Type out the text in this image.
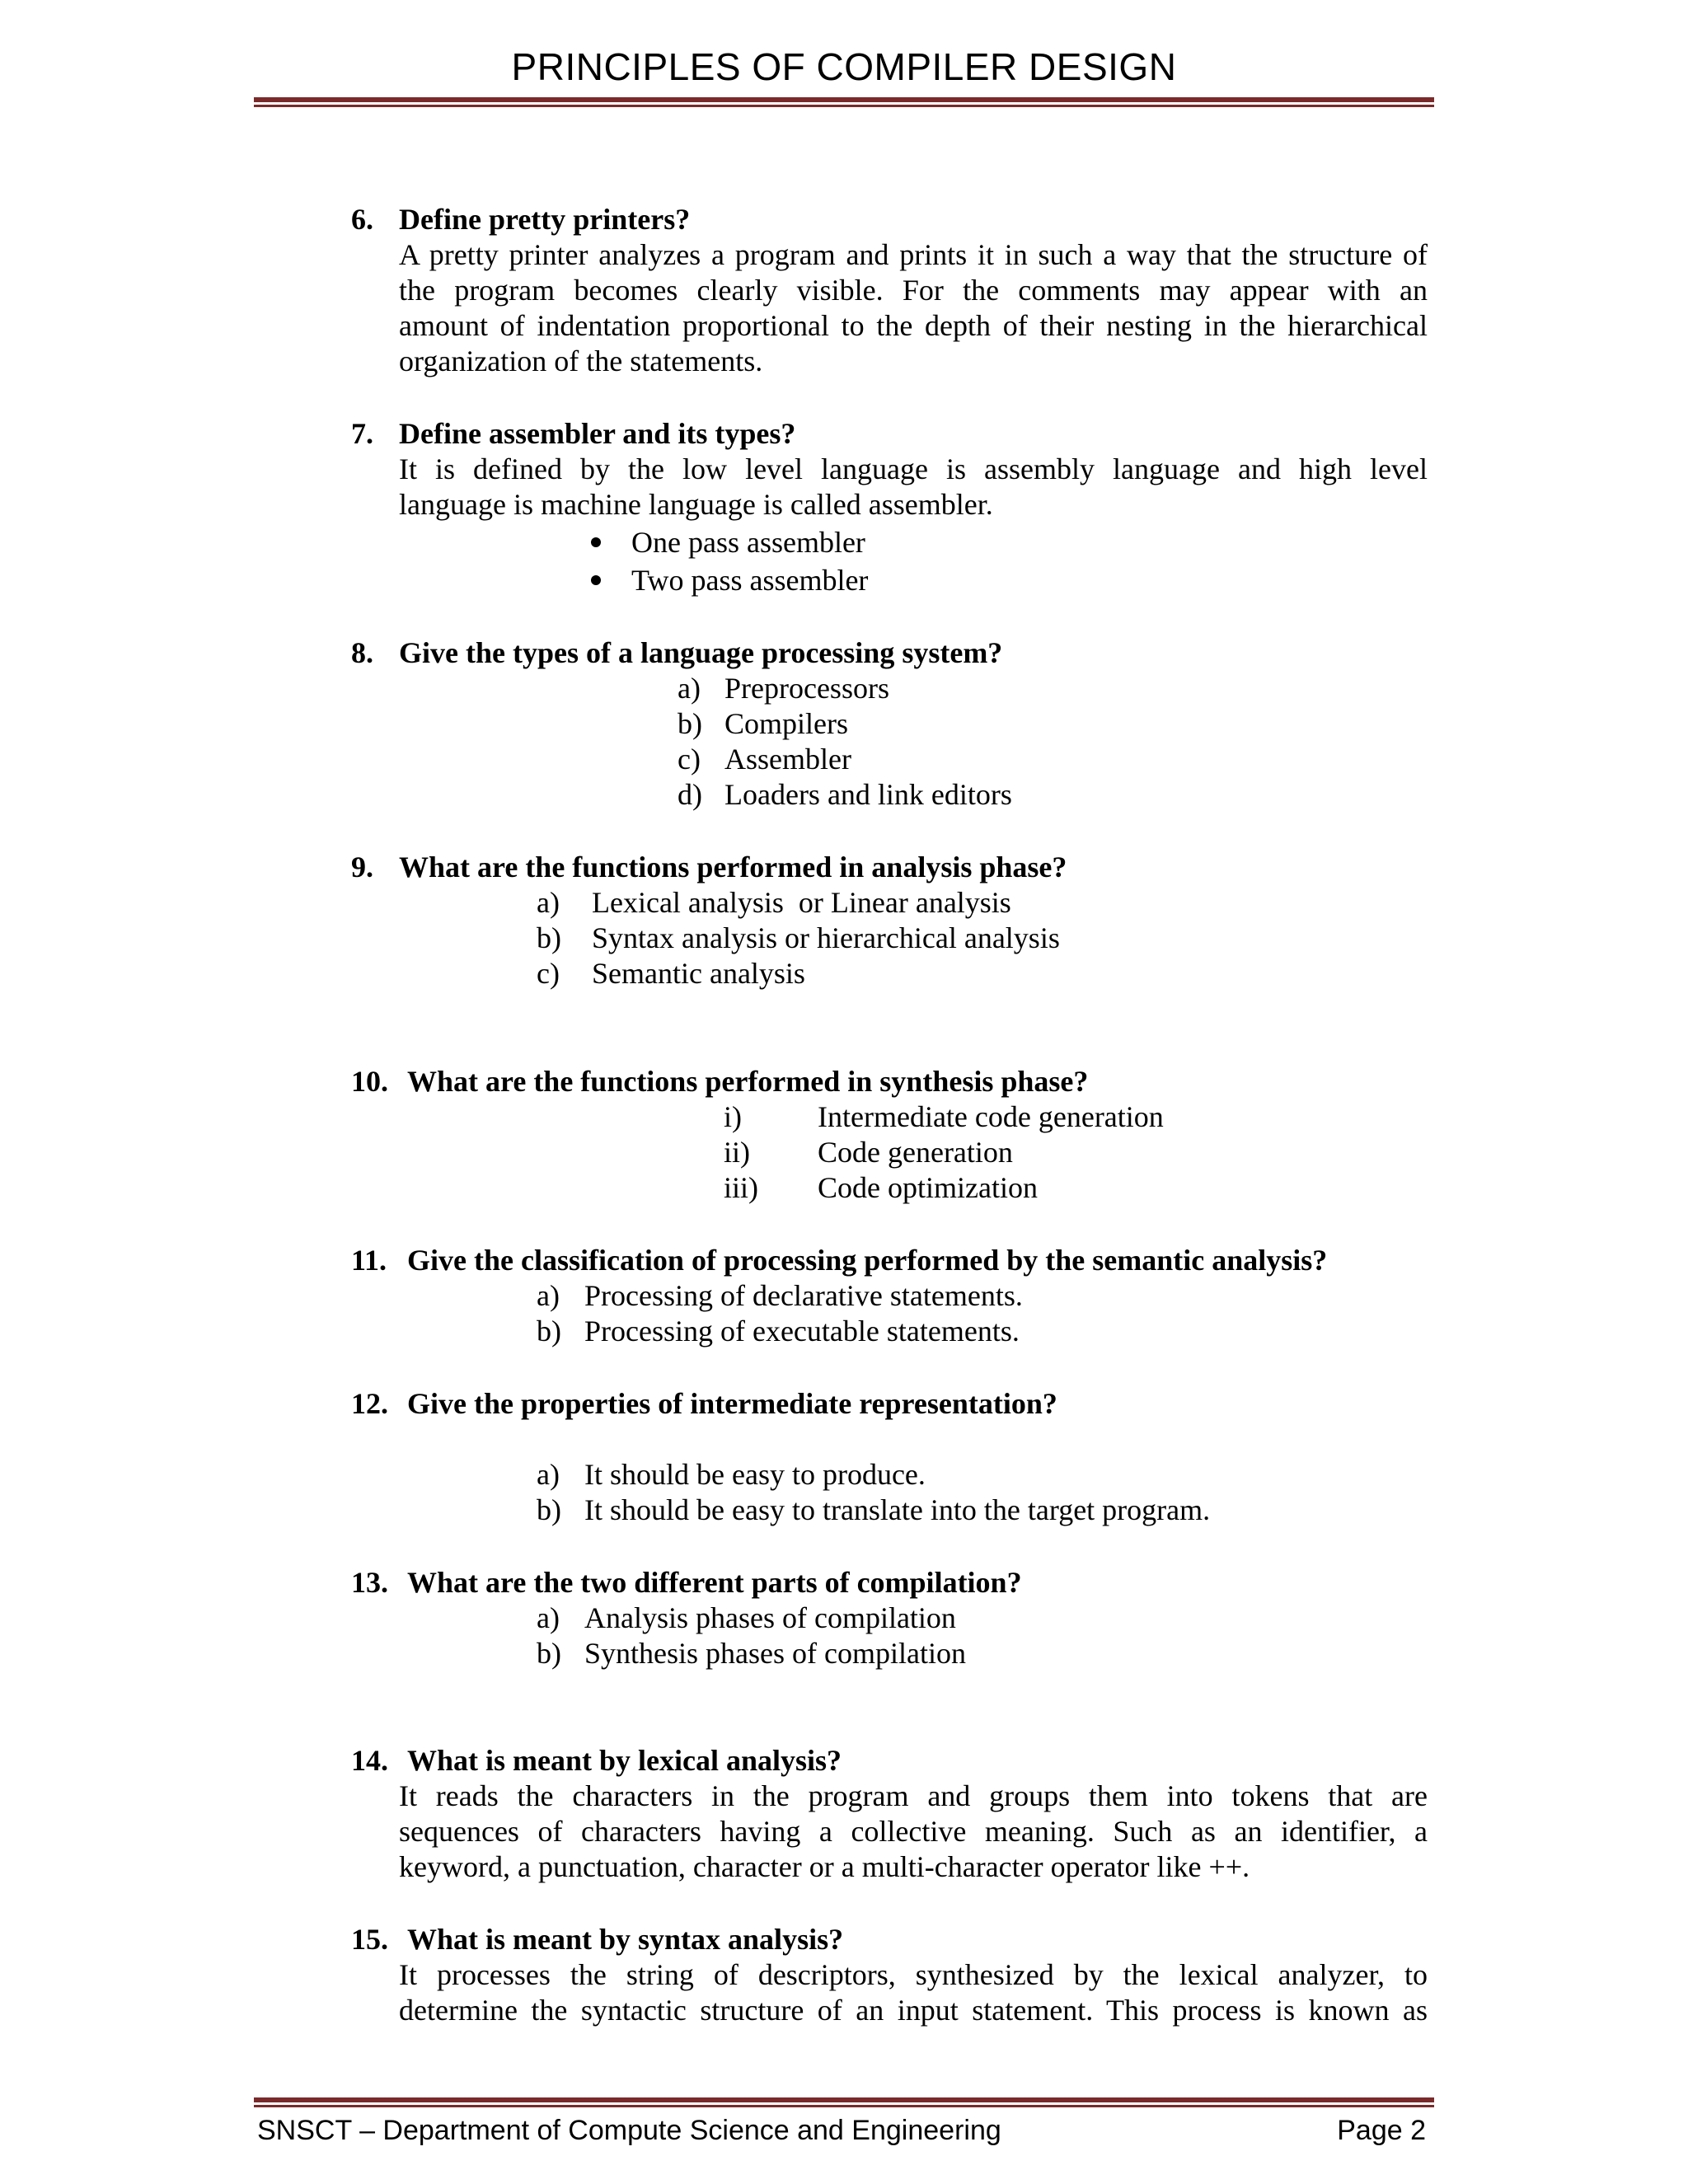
PRINCIPLES OF COMPILER DESIGN
6. Define pretty printers?
A pretty printer analyzes a program and prints it in such a way that the structure of
the program becomes clearly visible. For the comments may appear with an
amount of indentation proportional to the depth of their nesting in the hierarchical
organization of the statements.
7. Define assembler and its types?
It is defined by the low level language is assembly language and high level
language is machine language is called assembler.
One pass assembler
Two pass assembler
8. Give the types of a language processing system?
a) Preprocessors
b) Compilers
c) Assembler
d) Loaders and link editors
9. What are the functions performed in analysis phase?
a) Lexical analysis  or Linear analysis
b) Syntax analysis or hierarchical analysis
c) Semantic analysis
10. What are the functions performed in synthesis phase?
i)	Intermediate code generation
ii) Code generation
iii) Code optimization
11. Give the classification of processing performed by the semantic analysis?
a) Processing of declarative statements.
b) Processing of executable statements.
12. Give the properties of intermediate representation?
a) It should be easy to produce.
b) It should be easy to translate into the target program.
13. What are the two different parts of compilation?
a) Analysis phases of compilation
b) Synthesis phases of compilation
14. What is meant by lexical analysis?
It reads the characters in the program and groups them into tokens that are
sequences of characters having a collective meaning. Such as an identifier, a
keyword, a punctuation, character or a multi-character operator like ++.
15. What is meant by syntax analysis?
It processes the string of descriptors, synthesized by the lexical analyzer, to
determine the syntactic structure of an input statement. This process is known as
SNSCT – Department of Compute Science and Engineering	Page 2
